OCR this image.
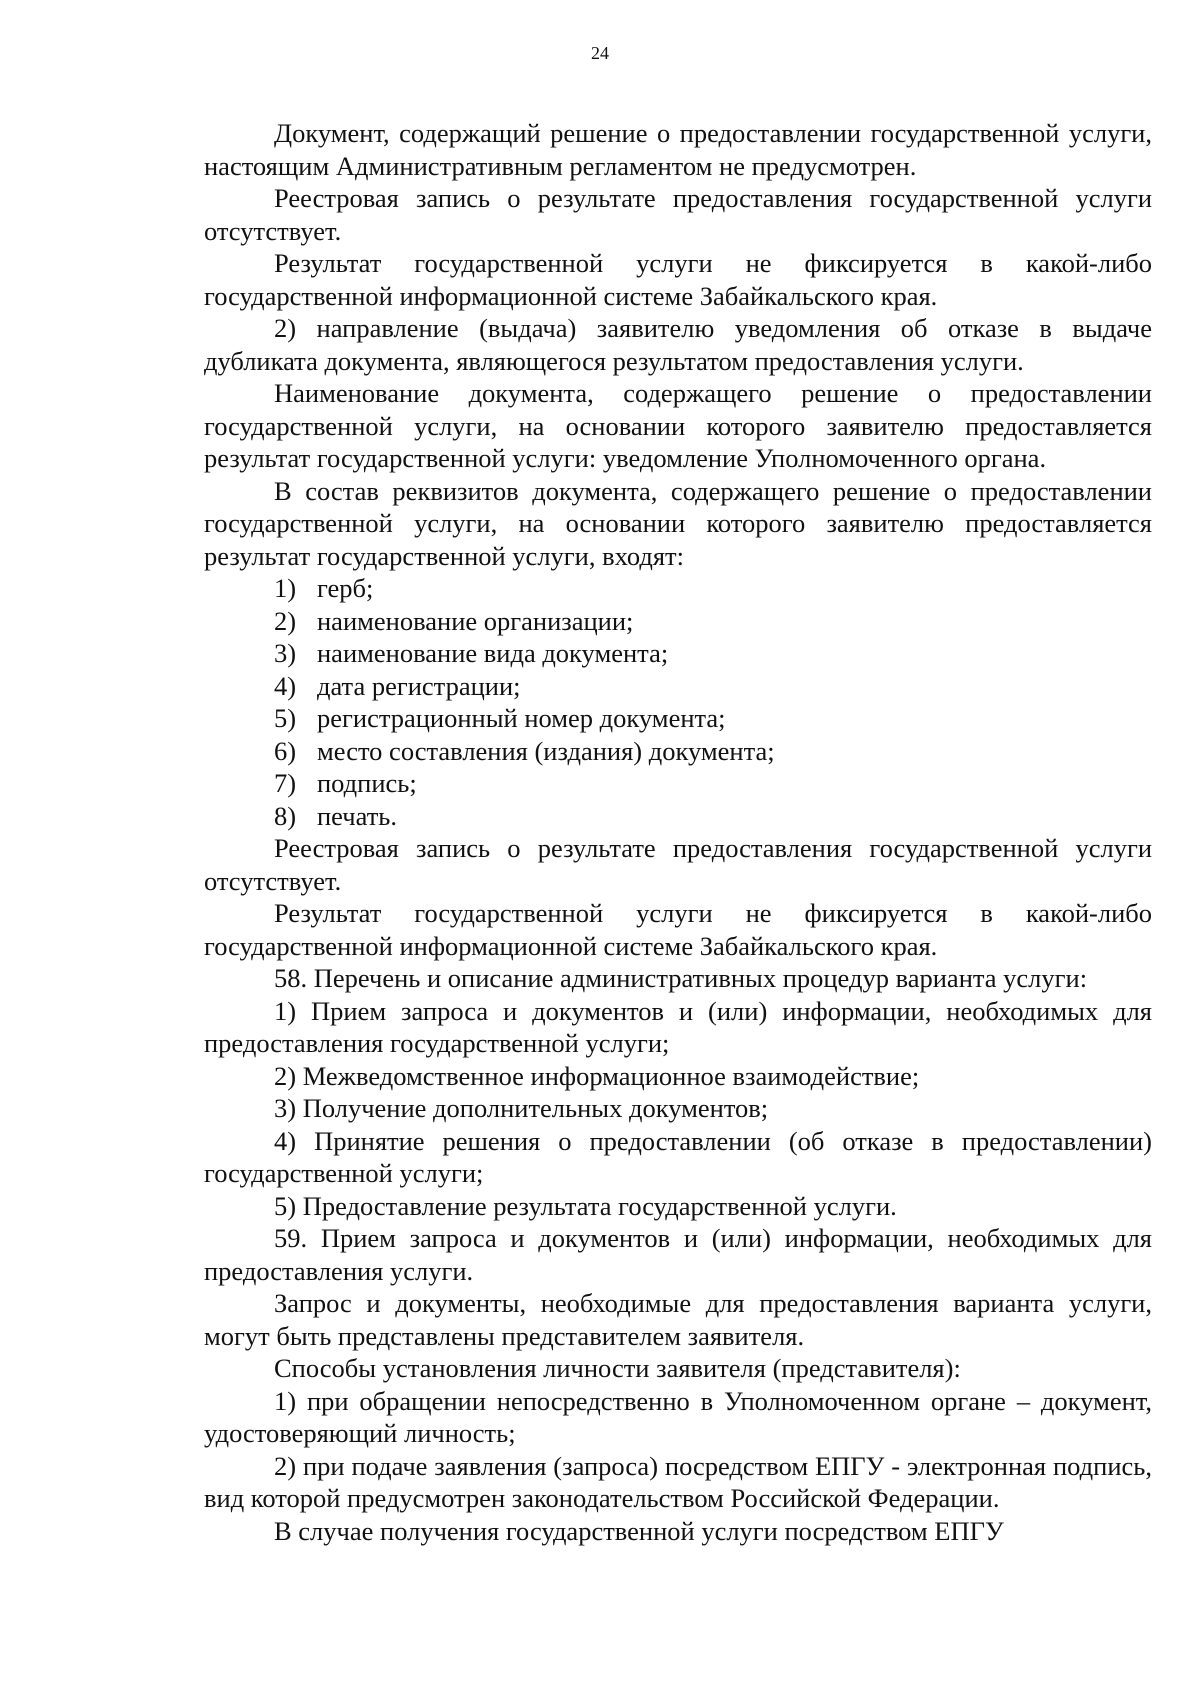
24

Документ, содержащий решение о предоставлении государственной услуги, настоящим Административным регламентом не предусмотрен.

Реестровая запись о результате предоставления государственной услуги отсутствует.

Результат государственной услуги не фиксируется в какой-либо государственной информационной системе Забайкальского края.

2) направление (выдача) заявителю уведомления об отказе в выдаче дубликата документа, являющегося результатом предоставления услуги.

Наименование документа, содержащего решение о предоставлении государственной услуги, на основании которого заявителю предоставляется результат государственной услуги: уведомление Уполномоченного органа.

В состав реквизитов документа, содержащего решение о предоставлении государственной услуги, на основании которого заявителю предоставляется результат государственной услуги, входят:

1) герб;
2) наименование организации;
3) наименование вида документа;
4) дата регистрации;
5) регистрационный номер документа;
6) место составления (издания) документа;
7) подпись;
8) печать.

Реестровая запись о результате предоставления государственной услуги отсутствует.

Результат государственной услуги не фиксируется в какой-либо государственной информационной системе Забайкальского края.

58. Перечень и описание административных процедур варианта услуги:

1) Прием запроса и документов и (или) информации, необходимых для предоставления государственной услуги;

2) Межведомственное информационное взаимодействие;

3) Получение дополнительных документов;

4) Принятие решения о предоставлении (об отказе в предоставлении) государственной услуги;

5) Предоставление результата государственной услуги.

59. Прием запроса и документов и (или) информации, необходимых для предоставления услуги.

Запрос и документы, необходимые для предоставления варианта услуги, могут быть представлены представителем заявителя.

Способы установления личности заявителя (представителя):

1) при обращении непосредственно в Уполномоченном органе – документ, удостоверяющий личность;

2) при подаче заявления (запроса) посредством ЕПГУ - электронная подпись, вид которой предусмотрен законодательством Российской Федерации.

В случае получения государственной услуги посредством ЕПГУ
